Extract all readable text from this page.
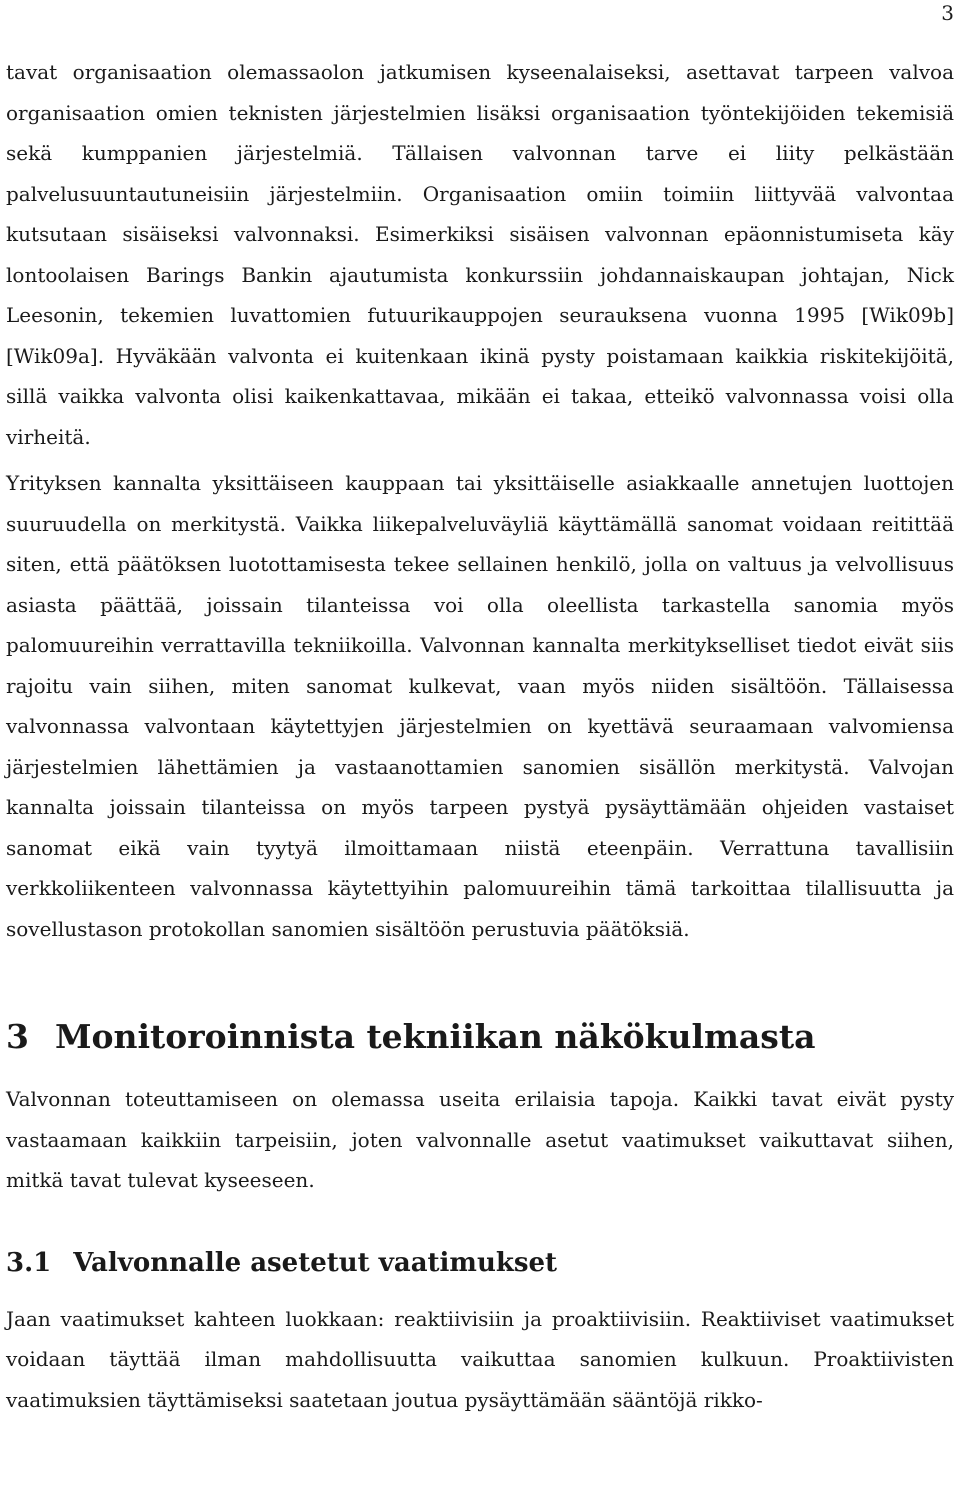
3

tavat organisaation olemassaolon jatkumisen kyseenalaiseksi, asettavat tarpeen valvoa organisaation omien teknisten järjestelmien lisäksi organisaation työntekijöiden tekemisiä sekä kumppanien järjestelmiä. Tällaisen valvonnan tarve ei liity pelkästään palvelusuuntautuneisiin järjestelmiin. Organisaation omiin toimiin liittyvää valvontaa kutsutaan sisäiseksi valvonnaksi. Esimerkiksi sisäisen valvonnan epäonnistumiseta käy lontoolaisen Barings Bankin ajautumista konkurssiin johdannaiskaupan johtajan, Nick Leesonin, tekemien luvattomien futuurikauppojen seurauksena vuonna 1995 [Wik09b] [Wik09a]. Hyväkään valvonta ei kuitenkaan ikinä pysty poistamaan kaikkia riskitekijöitä, sillä vaikka valvonta olisi kaikenkattavaa, mikään ei takaa, etteikö valvonnassa voisi olla virheitä.

Yrityksen kannalta yksittäiseen kauppaan tai yksittäiselle asiakkaalle annetujen luottojen suuruudella on merkitystä. Vaikka liikepalveluväyliä käyttämällä sanomat voidaan reitittää siten, että päätöksen luotottamisesta tekee sellainen henkilö, jolla on valtuus ja velvollisuus asiasta päättää, joissain tilanteissa voi olla oleellista tarkastella sanomia myös palomuureihin verrattavilla tekniikoilla. Valvonnan kannalta merkitykselliset tiedot eivät siis rajoitu vain siihen, miten sanomat kulkevat, vaan myös niiden sisältöön. Tällaisessa valvonnassa valvontaan käytettyjen järjestelmien on kyettävä seuraamaan valvomiensa järjestelmien lähettämien ja vastaanottamien sanomien sisällön merkitystä. Valvojan kannalta joissain tilanteissa on myös tarpeen pystyä pysäyttämään ohjeiden vastaiset sanomat eikä vain tyytyä ilmoittamaan niistä eteenpäin. Verrattuna tavallisiin verkkoliikenteen valvonnassa käytettyihin palomuureihin tämä tarkoittaa tilallisuutta ja sovellustason protokollan sanomien sisältöön perustuvia päätöksiä.

3 Monitoroinnista tekniikan näkökulmasta

Valvonnan toteuttamiseen on olemassa useita erilaisia tapoja. Kaikki tavat eivät pysty vastaamaan kaikkiin tarpeisiin, joten valvonnalle asetut vaatimukset vaikuttavat siihen, mitkä tavat tulevat kyseeseen.

3.1 Valvonnalle asetetut vaatimukset

Jaan vaatimukset kahteen luokkaan: reaktiivisiin ja proaktiivisiin. Reaktiiviset vaatimukset voidaan täyttää ilman mahdollisuutta vaikuttaa sanomien kulkuun. Proaktiivisten vaatimuksien täyttämiseksi saatetaan joutua pysäyttämään sääntöjä rikko-
